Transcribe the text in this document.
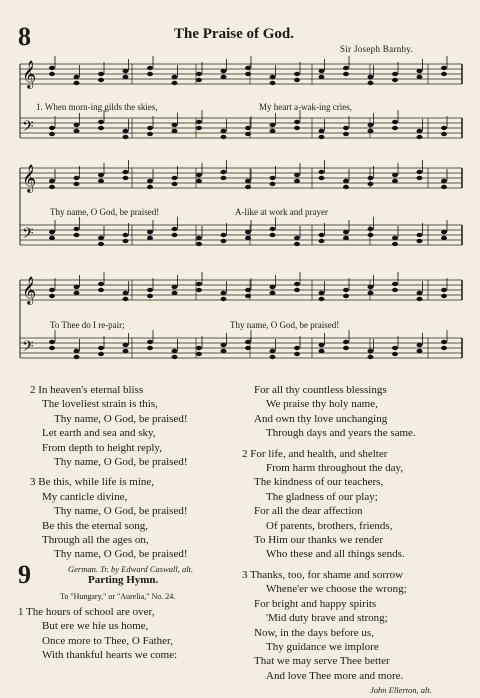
8	The Praise of God.
Sir Joseph Barnby.
𝄞
𝄢
𝄞
𝄢
𝄞
𝄢
1. When morn-ing gilds the skies,	My heart a-wak-ing cries,
Thy name, O God, be praised!	A-like at work and prayer
To Thee do I re-pair;	Thy name, O God, be praised!
2 In heaven's eternal bliss
The loveliest strain is this,
Thy name, O God, be praised!
Let earth and sea and sky,
From depth to height reply,
Thy name, O God, be praised!
3 Be this, while life is mine,
My canticle divine,
Thy name, O God, be praised!
Be this the eternal song,
Through all the ages on,
Thy name, O God, be praised!
German. Tr. by Edward Caswall, alt.
For all thy countless blessings
We praise thy holy name,
And own thy love unchanging
Through days and years the same.
2 For life, and health, and shelter
From harm throughout the day,
The kindness of our teachers,
The gladness of our play;
For all the dear affection
Of parents, brothers, friends,
To Him our thanks we render
Who these and all things sends.
3 Thanks, too, for shame and sorrow
Whene'er we choose the wrong;
For bright and happy spirits
'Mid duty brave and strong;
Now, in the days before us,
Thy guidance we implore
That we may serve Thee better
And love Thee more and more.
John Ellerton, alt.
9	Parting Hymn.
To "Hungary," or "Aurelia," No. 24.
1 The hours of school are over,
But ere we hie us home,
Once more to Thee, O Father,
With thankful hearts we come:
